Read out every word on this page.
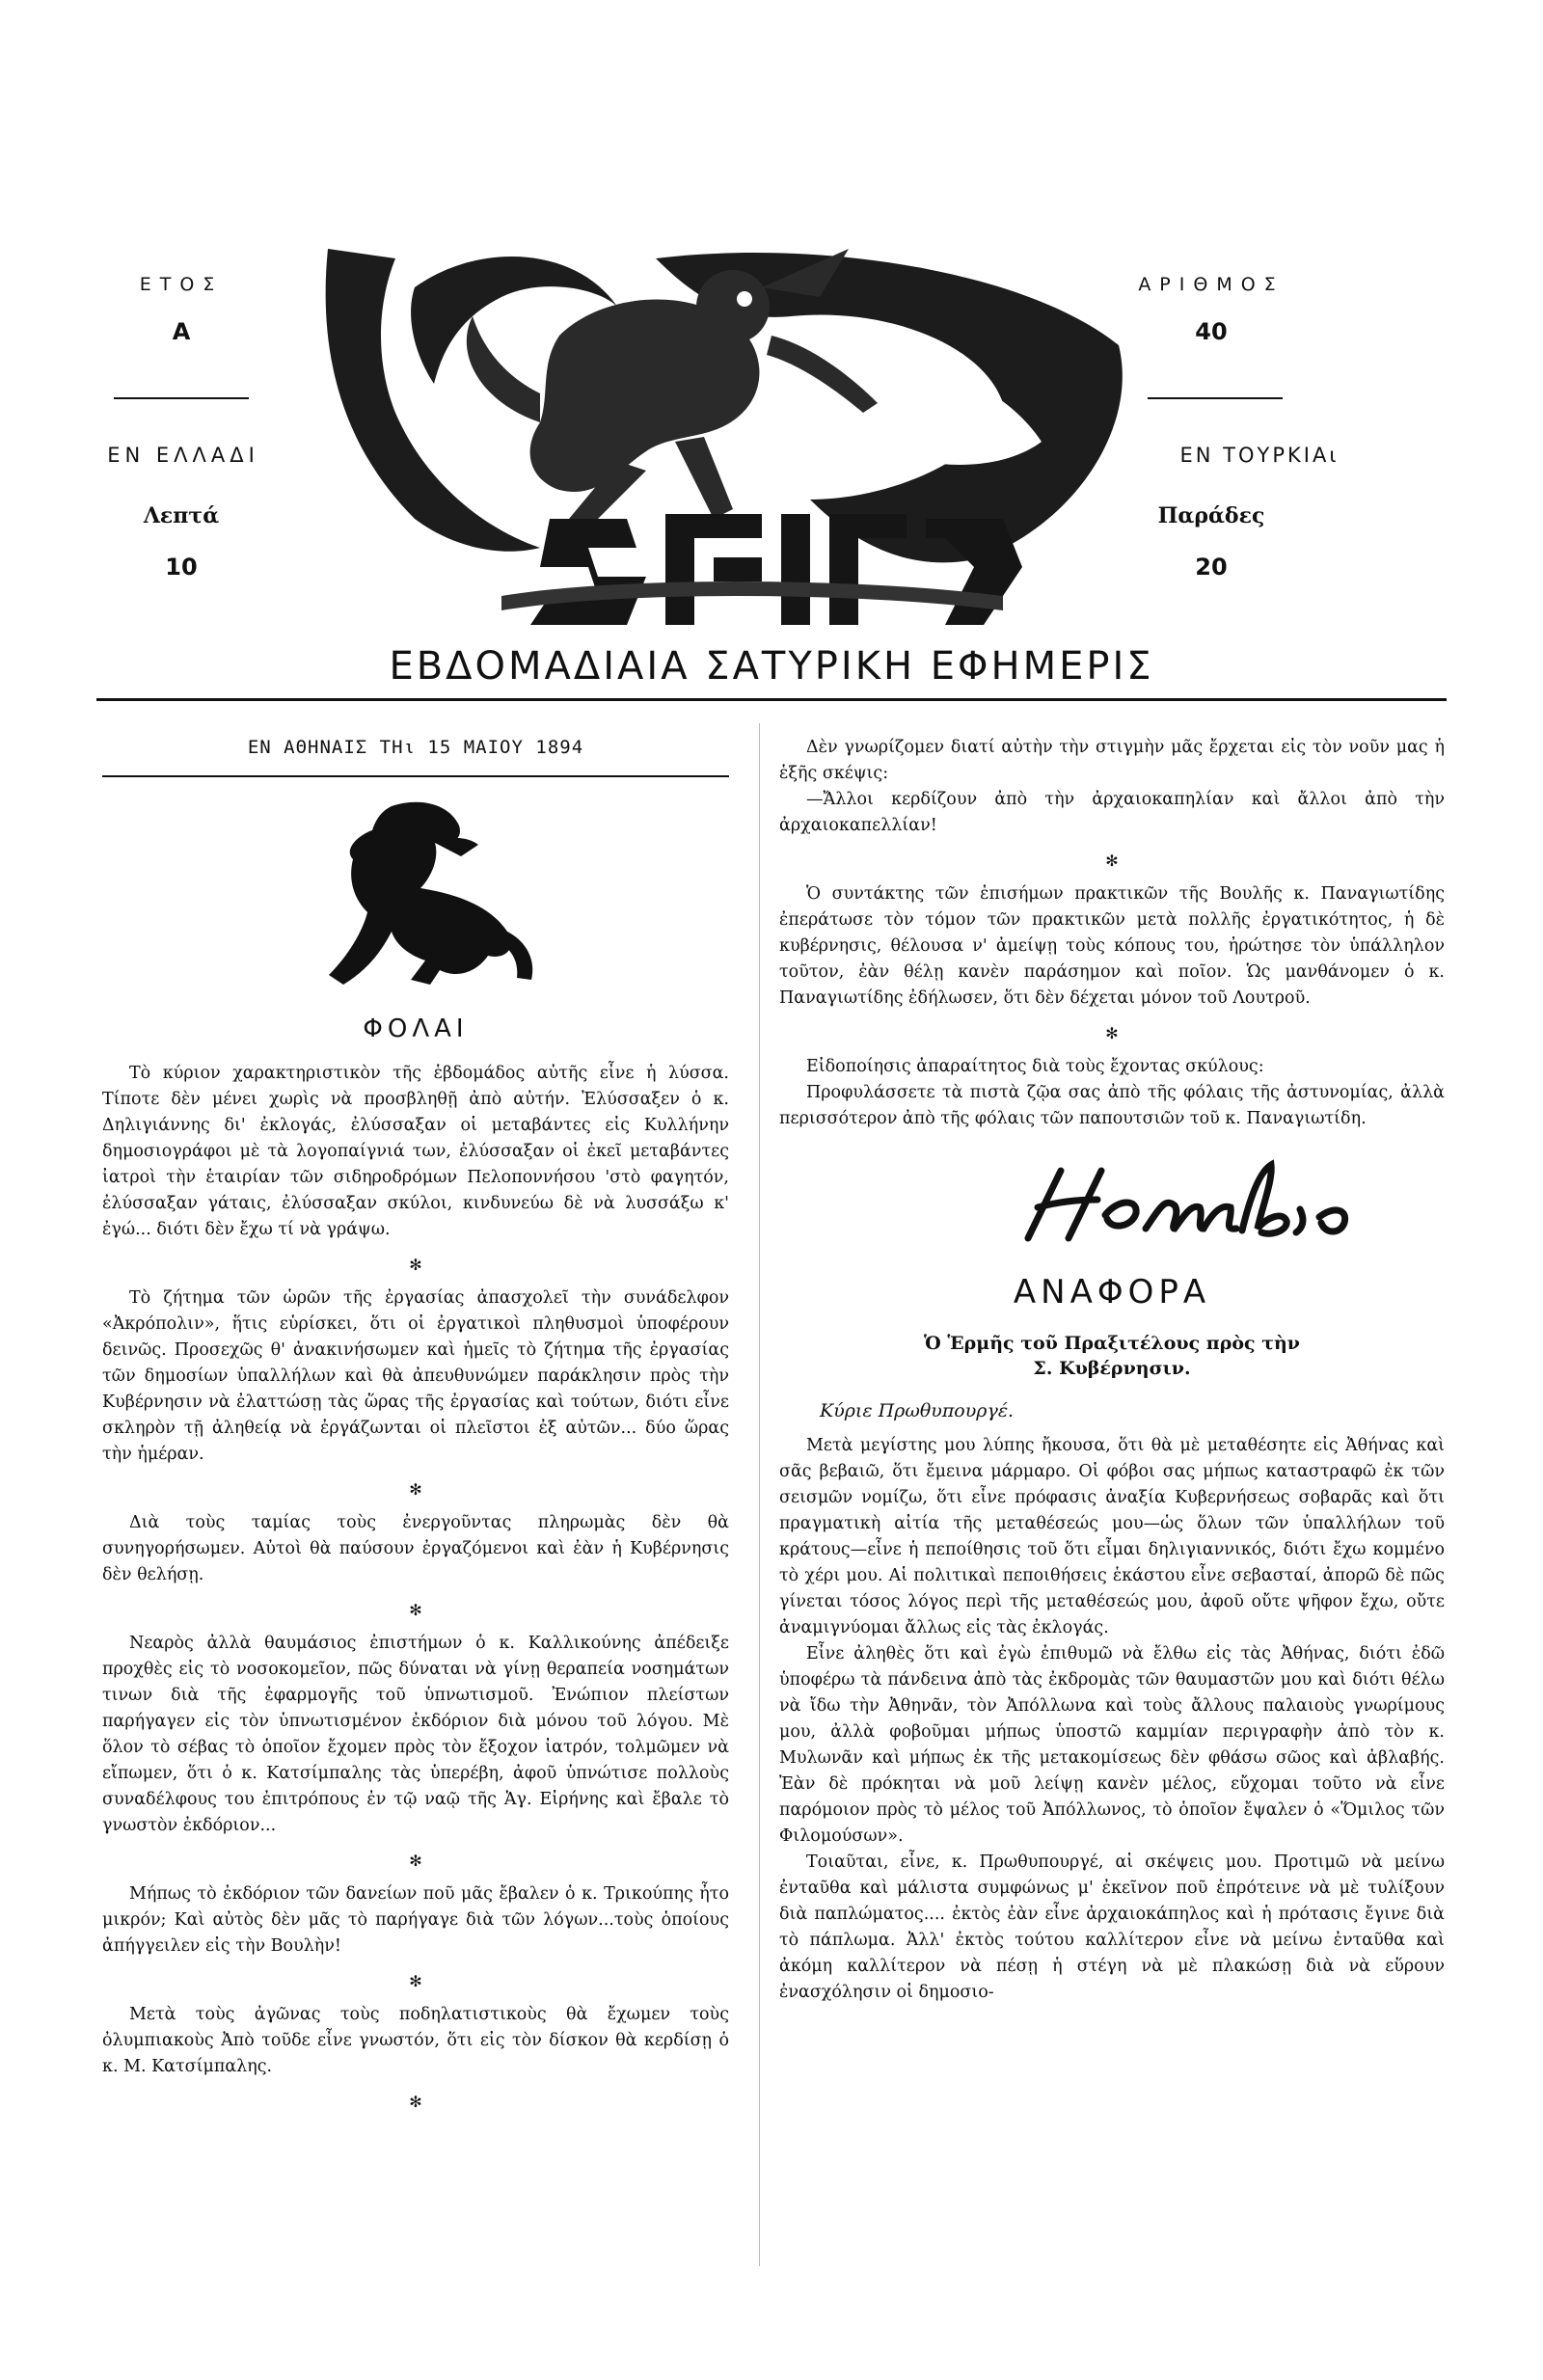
ΕΤΟΣ
Α
ΕΝ ΕΛΛΑΔΙ
Λεπτά
10
ΑΡΙΘΜΟΣ
40
ΕΝ ΤΟΥΡΚΙΑι
Παράδες
20
ΕΒΔΟΜΑΔΙΑΙΑ ΣΑΤΥΡΙΚΗ ΕΦΗΜΕΡΙΣ
ΕΝ ΑΘΗΝΑΙΣ ΤΗι 15 ΜΑΙΟΥ 1894
ΦΟΛΑΙ

Τὸ κύριον χαρακτηριστικὸν τῆς ἑβδομάδος αὐτῆς εἶνε ἡ λύσσα. Τίποτε δὲν μένει χωρὶς νὰ προσβληθῇ ἀπὸ αὐτήν. Ἐλύσσαξεν ὁ κ. Δηλιγιάννης δι' ἐκλογάς, ἐλύσσαξαν οἱ μεταβάντες εἰς Κυλλήνην δημοσιογράφοι μὲ τὰ λογοπαίγνιά των, ἐλύσσαξαν οἱ ἐκεῖ μεταβάντες ἰατροὶ τὴν ἑταιρίαν τῶν σιδηροδρόμων Πελοποννήσου 'στὸ φαγητόν, ἐλύσσαξαν γάταις, ἐλύσσαξαν σκύλοι, κινδυνεύω δὲ νὰ λυσσάξω κ' ἐγώ... διότι δὲν ἔχω τί νὰ γράψω.

✻

Τὸ ζήτημα τῶν ὡρῶν τῆς ἐργασίας ἀπασχολεῖ τὴν συνάδελφον «Ἀκρόπολιν», ἥτις εὑρίσκει, ὅτι οἱ ἐργατικοὶ πληθυσμοὶ ὑποφέρουν δεινῶς. Προσεχῶς θ' ἀνακινήσωμεν καὶ ἡμεῖς τὸ ζήτημα τῆς ἐργασίας τῶν δημοσίων ὑπαλλήλων καὶ θὰ ἀπευθυνώμεν παράκλησιν πρὸς τὴν Κυβέρνησιν νὰ ἐλαττώσῃ τὰς ὥρας τῆς ἐργασίας καὶ τούτων, διότι εἶνε σκληρὸν τῇ ἀληθείᾳ νὰ ἐργάζωνται οἱ πλεῖστοι ἐξ αὐτῶν... δύο ὥρας τὴν ἡμέραν.

✻

Διὰ τοὺς ταμίας τοὺς ἐνεργοῦντας πληρωμὰς δὲν θὰ συνηγορήσωμεν. Αὐτοὶ θὰ παύσουν ἐργαζόμενοι καὶ ἐὰν ἡ Κυβέρνησις δὲν θελήσῃ.

✻

Νεαρὸς ἀλλὰ θαυμάσιος ἐπιστήμων ὁ κ. Καλλικούνης ἀπέδειξε προχθὲς εἰς τὸ νοσοκομεῖον, πῶς δύναται νὰ γίνῃ θεραπεία νοσημάτων τινων διὰ τῆς ἐφαρμογῆς τοῦ ὑπνωτισμοῦ. Ἐνώπιον πλείστων παρήγαγεν εἰς τὸν ὑπνωτισμένον ἐκδόριον διὰ μόνου τοῦ λόγου. Μὲ ὅλον τὸ σέβας τὸ ὁποῖον ἔχομεν πρὸς τὸν ἔξοχον ἰατρόν, τολμῶμεν νὰ εἴπωμεν, ὅτι ὁ κ. Κατσίμπαλης τὰς ὑπερέβη, ἀφοῦ ὑπνώτισε πολλοὺς συναδέλφους του ἐπιτρόπους ἐν τῷ ναῷ τῆς Ἁγ. Εἰρήνης καὶ ἔβαλε τὸ γνωστὸν ἐκδόριον...

✻

Μήπως τὸ ἐκδόριον τῶν δανείων ποῦ μᾶς ἔβαλεν ὁ κ. Τρικούπης ἦτο μικρόν; Καὶ αὐτὸς δὲν μᾶς τὸ παρήγαγε διὰ τῶν λόγων...τοὺς ὁποίους ἀπήγγειλεν εἰς τὴν Βουλὴν!

✻

Μετὰ τοὺς ἀγῶνας τοὺς ποδηλατιστικοὺς θὰ ἔχωμεν τοὺς ὀλυμπιακοὺς Ἀπὸ τοῦδε εἶνε γνωστόν, ὅτι εἰς τὸν δίσκον θὰ κερδίσῃ ὁ κ. Μ. Κατσίμπαλης.

✻

Δὲν γνωρίζομεν διατί αὐτὴν τὴν στιγμὴν μᾶς ἔρχεται εἰς τὸν νοῦν μας ἡ ἑξῆς σκέψις:

—Ἄλλοι κερδίζουν ἀπὸ τὴν ἀρχαιοκαπηλίαν καὶ ἄλλοι ἀπὸ τὴν ἀρχαιοκαπελλίαν!

✻

Ὁ συντάκτης τῶν ἐπισήμων πρακτικῶν τῆς Βουλῆς κ. Παναγιωτίδης ἐπεράτωσε τὸν τόμον τῶν πρακτικῶν μετὰ πολλῆς ἐργατικότητος, ἡ δὲ κυβέρνησις, θέλουσα ν' ἀμείψῃ τοὺς κόπους του, ἠρώτησε τὸν ὑπάλληλον τοῦτον, ἐὰν θέλῃ κανὲν παράσημον καὶ ποῖον. Ὡς μανθάνομεν ὁ κ. Παναγιωτίδης ἐδήλωσεν, ὅτι δὲν δέχεται μόνον τοῦ Λουτροῦ.

✻

Εἰδοποίησις ἀπαραίτητος διὰ τοὺς ἔχοντας σκύλους:

Προφυλάσσετε τὰ πιστὰ ζῷα σας ἀπὸ τῆς φόλαις τῆς ἀστυνομίας, ἀλλὰ περισσότερον ἀπὸ τῆς φόλαις τῶν παπουτσιῶν τοῦ κ. Παναγιωτίδη.

ΑΝΑΦΟΡΑ
Ὁ Ἑρμῆς τοῦ Πραξιτέλους πρὸς τὴν
Σ. Κυβέρνησιν.
Κύριε Πρωθυπουργέ.

Μετὰ μεγίστης μου λύπης ἤκουσα, ὅτι θὰ μὲ μεταθέσητε εἰς Ἀθήνας καὶ σᾶς βεβαιῶ, ὅτι ἔμεινα μάρμαρο. Οἱ φόβοι σας μήπως καταστραφῶ ἐκ τῶν σεισμῶν νομίζω, ὅτι εἶνε πρόφασις ἀναξία Κυβερνήσεως σοβαρᾶς καὶ ὅτι πραγματικὴ αἰτία τῆς μεταθέσεώς μου—ὡς ὅλων τῶν ὑπαλλήλων τοῦ κράτους—εἶνε ἡ πεποίθησις τοῦ ὅτι εἶμαι δηλιγιαννικός, διότι ἔχω κομμένο τὸ χέρι μου. Αἱ πολιτικαὶ πεποιθήσεις ἑκάστου εἶνε σεβασταί, ἀπορῶ δὲ πῶς γίνεται τόσος λόγος περὶ τῆς μεταθέσεώς μου, ἀφοῦ οὔτε ψῆφον ἔχω, οὔτε ἀναμιγνύομαι ἄλλως εἰς τὰς ἐκλογάς.

Εἶνε ἀληθὲς ὅτι καὶ ἐγὼ ἐπιθυμῶ νὰ ἔλθω εἰς τὰς Ἀθήνας, διότι ἐδῶ ὑποφέρω τὰ πάνδεινα ἀπὸ τὰς ἐκδρομὰς τῶν θαυμαστῶν μου καὶ διότι θέλω νὰ ἴδω τὴν Ἀθηνᾶν, τὸν Ἀπόλλωνα καὶ τοὺς ἄλλους παλαιοὺς γνωρίμους μου, ἀλλὰ φοβοῦμαι μήπως ὑποστῶ καμμίαν περιγραφὴν ἀπὸ τὸν κ. Μυλωνᾶν καὶ μήπως ἐκ τῆς μετακομίσεως δὲν φθάσω σῶος καὶ ἀβλαβής. Ἐὰν δὲ πρόκηται νὰ μοῦ λείψῃ κανὲν μέλος, εὔχομαι τοῦτο νὰ εἶνε παρόμοιον πρὸς τὸ μέλος τοῦ Ἀπόλλωνος, τὸ ὁποῖον ἔψαλεν ὁ «Ὅμιλος τῶν Φιλομούσων».

Τοιαῦται, εἶνε, κ. Πρωθυπουργέ, αἱ σκέψεις μου. Προτιμῶ νὰ μείνω ἐνταῦθα καὶ μάλιστα συμφώνως μ' ἐκεῖνον ποῦ ἐπρότεινε νὰ μὲ τυλίξουν διὰ παπλώματος.... ἐκτὸς ἐὰν εἶνε ἀρχαιοκάπηλος καὶ ἡ πρότασις ἔγινε διὰ τὸ πάπλωμα. Ἀλλ' ἐκτὸς τούτου καλλίτερον εἶνε νὰ μείνω ἐνταῦθα καὶ ἀκόμη καλλίτερον νὰ πέσῃ ἡ στέγη νὰ μὲ πλακώσῃ διὰ νὰ εὕρουν ἐνασχόλησιν οἱ δημοσιο-
